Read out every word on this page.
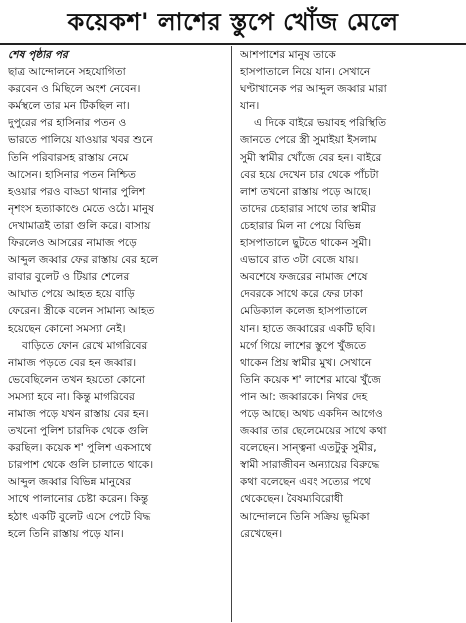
কয়েকশ' লাশের স্তুপে খোঁজ মেলে
শেষ পৃষ্ঠার পর
ছাত্র আন্দোলনে সহযোগিতা
করবেন ও মিছিলে অংশ নেবেন।
কর্মস্থলে তার মন টিকছিল না।
দুপুরের পর হাসিনার পতন ও
ভারতে পালিয়ে যাওয়ার খবর শুনে
তিনি পরিবারসহ রাস্তায় নেমে
আসেন। হাসিনার পতন নিশ্চিত
হওয়ার পরও বাড্ডা থানার পুলিশ
নৃশংস হত্যাকাণ্ডে মেতে ওঠে। মানুষ
দেখামাত্রই তারা গুলি করে। বাসায়
ফিরলেও আসরের নামাজ পড়ে
আব্দুল জব্বার ফের রাস্তায় বের হলে
রাবার বুলেট ও টিয়ার শেলের
আঘাত পেয়ে আহত হয়ে বাড়ি
ফেরেন। স্ত্রীকে বলেন সামান্য আহত
হয়েছেন কোনো সমস্যা নেই।
বাড়িতে ফোন রেখে মাগরিবের
নামাজ পড়তে বের হন জব্বার।
ভেবেছিলেন তখন হয়তো কোনো
সমস্যা হবে না। কিন্তু মাগরিবের
নামাজ পড়ে যখন রাস্তায় বের হন।
তখনো পুলিশ চারদিক থেকে গুলি
করছিল। কয়েক শ' পুলিশ একসাথে
চারপাশ থেকে গুলি চালাতে থাকে।
আব্দুল জব্বার বিভিন্ন মানুষের
সাথে পালানোর চেষ্টা করেন। কিন্তু
হঠাৎ একটি বুলেট এসে পেটে বিদ্ধ
হলে তিনি রাস্তায় পড়ে যান।
আশপাশের মানুষ তাকে
হাসপাতালে নিয়ে যান। সেখানে
ঘণ্টাখানেক পর আব্দুল জব্বার মারা
যান।
এ দিকে বাইরে ভয়াবহ পরিস্থিতি
জানতে পেরে স্ত্রী সুমাইয়া ইসলাম
সুমী স্বামীর খোঁজে বের হন। বাইরে
বের হয়ে দেখেন চার থেকে পাঁচটা
লাশ তখনো রাস্তায় পড়ে আছে।
তাদের চেহারার সাথে তার স্বামীর
চেহারার মিল না পেয়ে বিভিন্ন
হাসপাতালে ছুটতে থাকেন সুমী।
এভাবে রাত ৩টা বেজে যায়।
অবশেষে ফজরের নামাজ শেষে
দেবরকে সাথে করে ফের ঢাকা
মেডিক্যাল কলেজ হাসপাতালে
যান। হাতে জব্বারের একটি ছবি।
মর্গে গিয়ে লাশের স্তুপে খুঁজতে
থাকেন প্রিয় স্বামীর মুখ। সেখানে
তিনি কয়েক শ' লাশের মাঝে খুঁজে
পান আ: জব্বারকে। নিথর দেহ
পড়ে আছে। অথচ একদিন আগেও
জব্বার তার ছেলেমেয়ের সাথে কথা
বলেছেন। সান্ত্বনা এতটুকু সুমীর,
স্বামী সারাজীবন অন্যায়ের বিরুদ্ধে
কথা বলেছেন এবং সত্যের পথে
থেকেছেন। বৈষম্যবিরোধী
আন্দোলনে তিনি সক্রিয় ভূমিকা
রেখেছেন।
